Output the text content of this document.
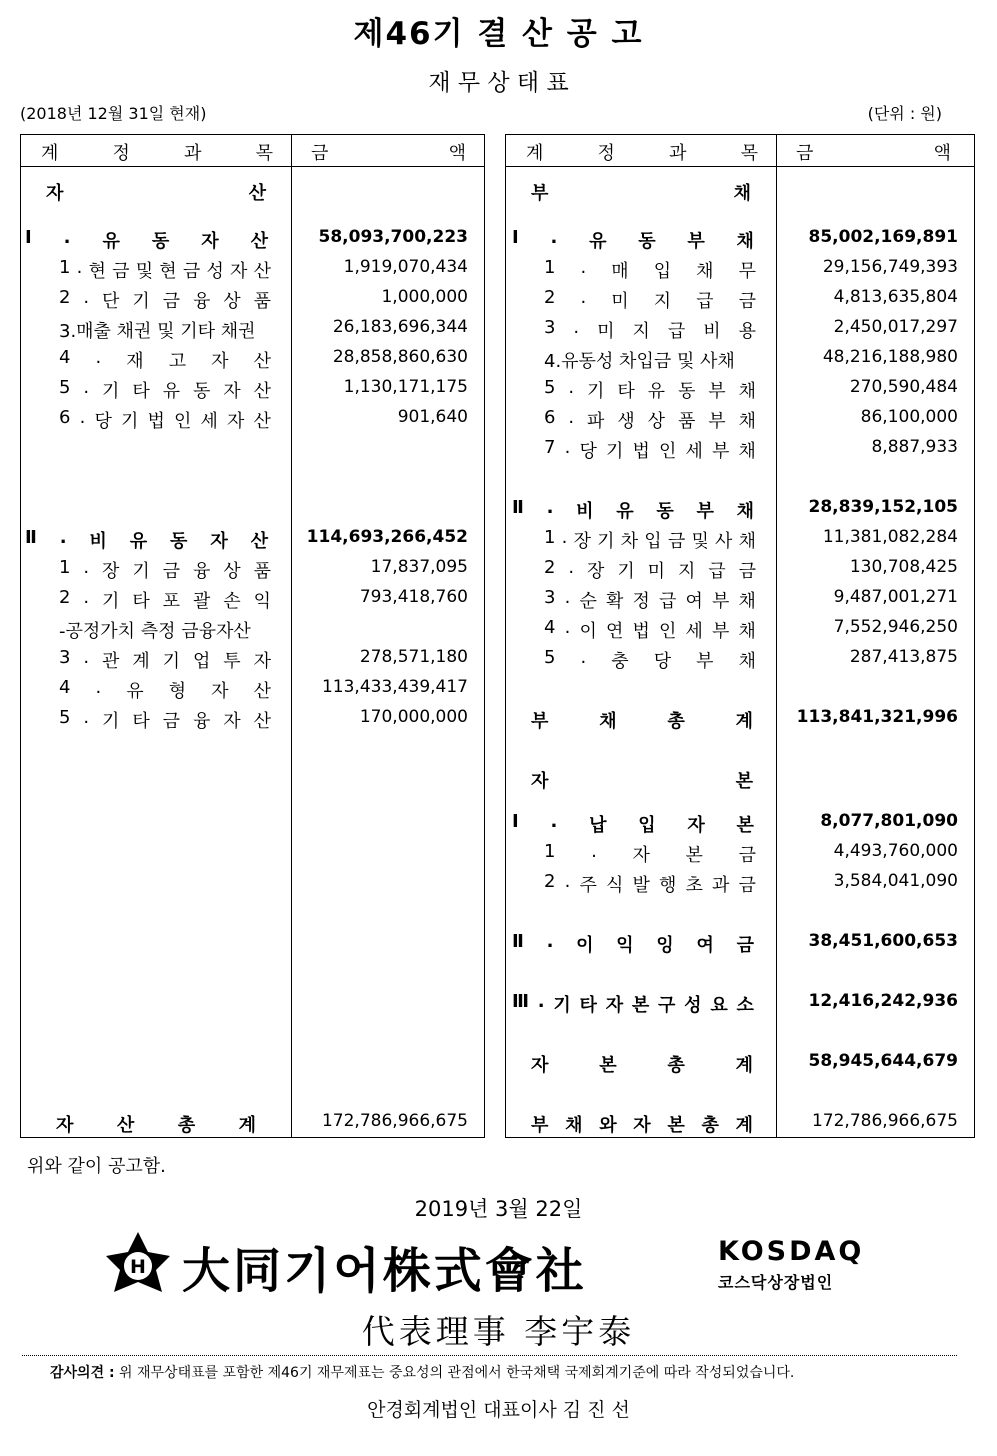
제46기 결 산 공 고
재 무 상 태 표
(2018년 12월 31일 현재)	(단위 : 원)
계	정	과	목 금	액
자	산
Ⅰ . 유 동 자 산	58,093,700,223
1 . 현 금 및 현 금 성 자 산	1,919,070,434
2 . 단 기 금 융 상 품	1,000,000
3.매출 채권 및 기타 채권	26,183,696,344
4 . 재 고 자 산	28,858,860,630
5 . 기 타 유 동 자 산	1,130,171,175
6 . 당 기 법 인 세 자 산	901,640
Ⅱ . 비 유 동 자 산	114,693,266,452
1 . 장 기 금 융 상 품	17,837,095
2 . 기 타 포 괄 손 익	793,418,760
-공정가치 측정 금융자산
3 . 관 계 기 업 투 자	278,571,180
4 . 유 형 자 산	113,433,439,417
5 . 기 타 금 융 자 산	170,000,000
자 산 총 계	172,786,966,675
계	정	과	목 금	액
부	채
Ⅰ . 유 동 부 채	85,002,169,891
1 . 매 입 채 무	29,156,749,393
2 . 미 지 급 금	4,813,635,804
3 . 미 지 급 비 용	2,450,017,297
4.유동성 차입금 및 사채	48,216,188,980
5 . 기 타 유 동 부 채	270,590,484
6 . 파 생 상 품 부 채	86,100,000
7 . 당 기 법 인 세 부 채	8,887,933
Ⅱ . 비 유 동 부 채	28,839,152,105
1 . 장 기 차 입 금 및 사 채	11,381,082,284
2 . 장 기 미 지 급 금	130,708,425
3 . 순 확 정 급 여 부 채	9,487,001,271
4 . 이 연 법 인 세 부 채	7,552,946,250
5 . 충 당 부 채	287,413,875
부	채	총	계	113,841,321,996
자	본
Ⅰ . 납 입 자 본	8,077,801,090
1 . 자 본 금	4,493,760,000
2 . 주 식 발 행 초 과 금	3,584,041,090
Ⅱ . 이 익 잉 여 금	38,451,600,653
Ⅲ . 기 타 자 본 구 성 요 소	12,416,242,936
자	본	총	계	58,945,644,679
부 채 와 자 본 총 계	172,786,966,675
위와 같이 공고함.
2019년 3월 22일
H 大同기어株式會社	KOSDAQ
코스닥상장법인
代表理事 李宇泰
감사의견 : 위 재무상태표를 포함한 제46기 재무제표는 중요성의 관점에서 한국채택 국제회계기준에 따라 작성되었습니다.
안경회계법인 대표이사 김 진 선
